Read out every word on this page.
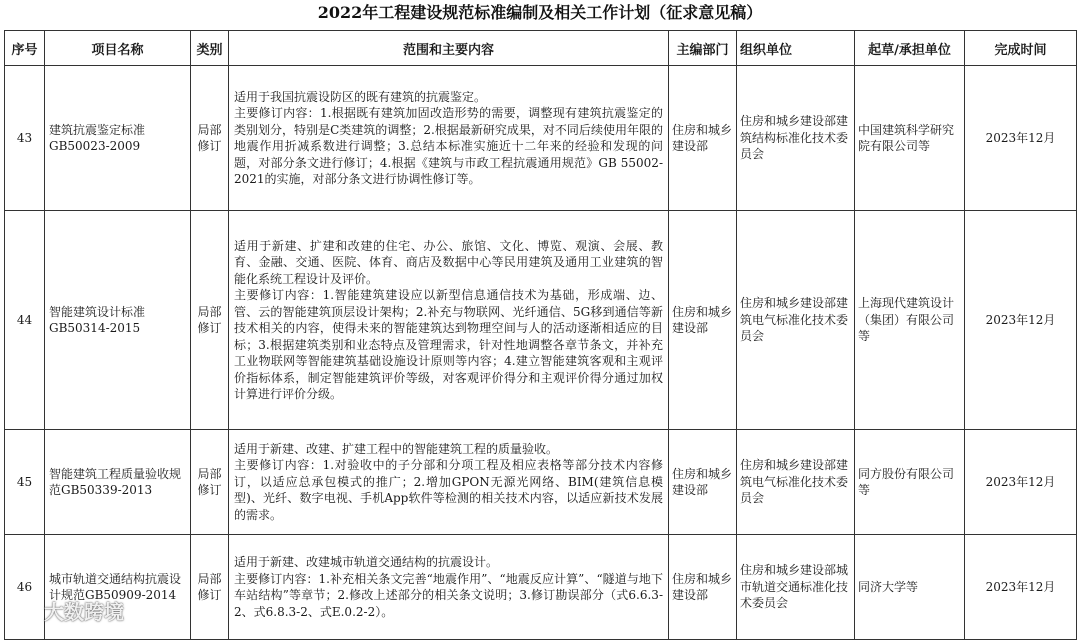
2022年工程建设规范标准编制及相关工作计划（征求意见稿）
序号	项目名称	类别	范围和主要内容	主编部门	组织单位	起草/承担单位	完成时间
43	建筑抗震鉴定标准GB50023-2009	局部修订	适用于我国抗震设防区的既有建筑的抗震鉴定。
主要修订内容：1.根据既有建筑加固改造形势的需要，调整现有建筑抗震鉴定的类别划分，特别是C类建筑的调整；2.根据最新研究成果，对不同后续使用年限的地震作用折减系数进行调整；3.总结本标准实施近十二年来的经验和发现的问题，对部分条文进行修订；4.根据《建筑与市政工程抗震通用规范》GB 55002-2021的实施，对部分条文进行协调性修订等。	住房和城乡建设部	住房和城乡建设部建筑结构标准化技术委员会	中国建筑科学研究院有限公司等	2023年12月
44	智能建筑设计标准GB50314-2015	局部修订	适用于新建、扩建和改建的住宅、办公、旅馆、文化、博览、观演、会展、教育、金融、交通、医院、体育、商店及数据中心等民用建筑及通用工业建筑的智能化系统工程设计及评价。
主要修订内容：1.智能建筑建设应以新型信息通信技术为基础，形成端、边、管、云的智能建筑顶层设计架构；2.补充与物联网、光纤通信、5G移到通信等新技术相关的内容，使得未来的智能建筑达到物理空间与人的活动逐渐相适应的目标；3.根据建筑类别和业态特点及管理需求，针对性地调整各章节条文，并补充工业物联网等智能建筑基础设施设计原则等内容；4.建立智能建筑客观和主观评价指标体系，制定智能建筑评价等级，对客观评价得分和主观评价得分通过加权计算进行评价分级。	住房和城乡建设部	住房和城乡建设部建筑电气标准化技术委员会	上海现代建筑设计（集团）有限公司等	2023年12月
45	智能建筑工程质量验收规范GB50339-2013	局部修订	适用于新建、改建、扩建工程中的智能建筑工程的质量验收。
主要修订内容：1.对验收中的子分部和分项工程及相应表格等部分技术内容修订，以适应总承包模式的推广；2.增加GPON无源光网络、BIM(建筑信息模型)、光纤、数字电视、手机App软件等检测的相关技术内容，以适应新技术发展的需求。	住房和城乡建设部	住房和城乡建设部建筑电气标准化技术委员会	同方股份有限公司等	2023年12月
46	城市轨道交通结构抗震设计规范GB50909-2014	局部修订	适用于新建、改建城市轨道交通结构的抗震设计。
主要修订内容：1.补充相关条文完善“地震作用”、“地震反应计算”、“隧道与地下车站结构”等章节；2.修改上述部分的相关条文说明；3.修订勘误部分（式6.6.3-2、式6.8.3-2、式E.0.2-2）。	住房和城乡建设部	住房和城乡建设部城市轨道交通标准化技术委员会	同济大学等	2023年12月
大数跨境
